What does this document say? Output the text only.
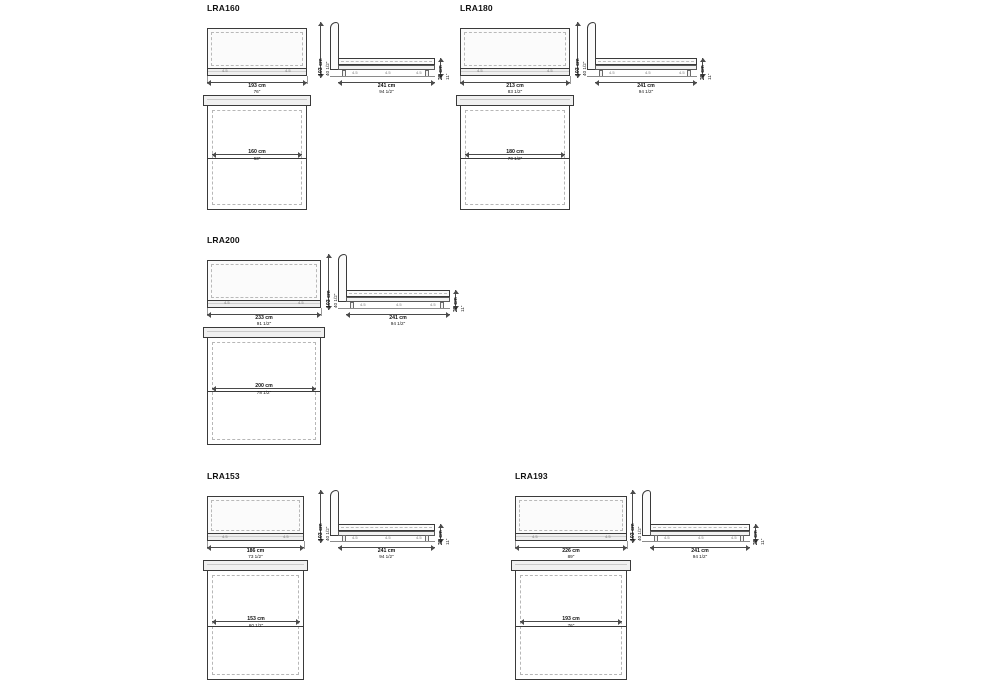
LRA160
4.5	4.5
193 cm
76"
4.5	4.5	4.5
241 cm
94 1/2"
103 cm 40 1/2"	28 cm 11"
160 cm
63"
LRA180
4.5	4.5
213 cm
83 1/2"
4.5	4.5	4.5
241 cm
94 1/2"
103 cm 40 1/2"	28 cm 11"
180 cm
70 1/2"
LRA200
4.5	4.5
233 cm
91 1/2"
4.5	4.5	4.5
241 cm
94 1/2"
103 cm 40 1/2"	28 cm 11"
200 cm
78 1/2"
LRA153
4.5	4.5
186 cm
73 1/2"
4.5	4.5	4.5
241 cm
94 1/2"
103 cm 40 1/2"	28 cm 11"
153 cm
60 1/2"
LRA193
4.5	4.5
226 cm
89"
4.5	4.5	4.5
241 cm
94 1/2"
103 cm 40 1/2"	28 cm 11"
193 cm
76"
